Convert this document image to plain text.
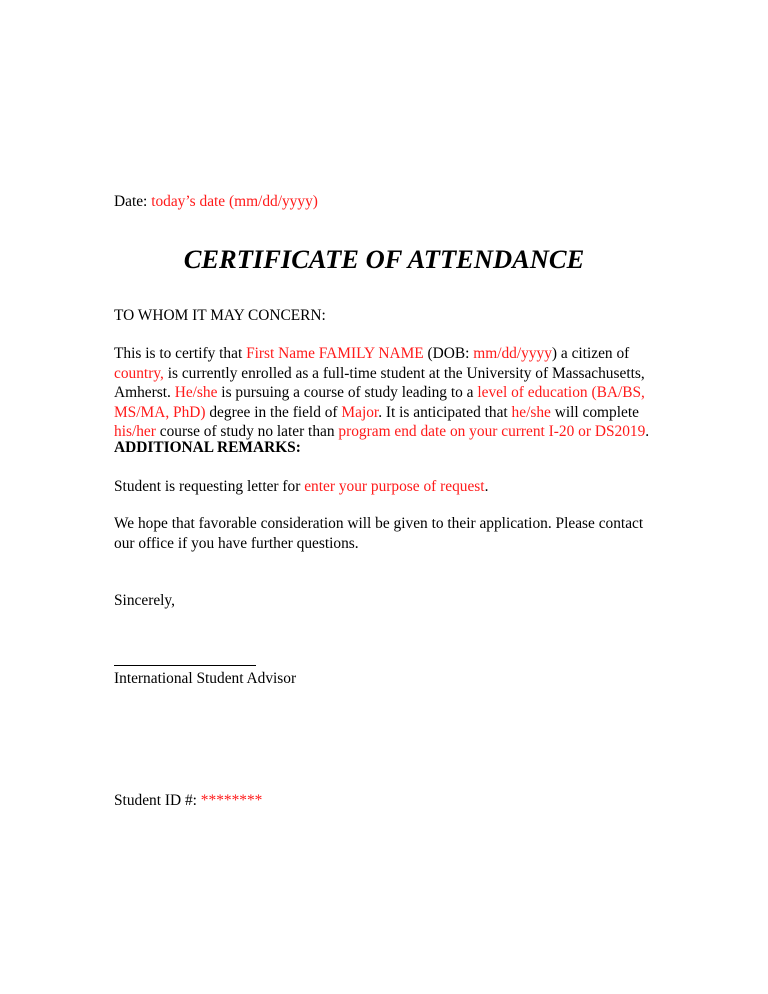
Date: today’s date (mm/dd/yyyy)
CERTIFICATE OF ATTENDANCE
TO WHOM IT MAY CONCERN:
This is to certify that First Name FAMILY NAME (DOB: mm/dd/yyyy) a citizen of country, is currently enrolled as a full-time student at the University of Massachusetts, Amherst. He/she is pursuing a course of study leading to a level of education (BA/BS, MS/MA, PhD) degree in the field of Major. It is anticipated that he/she will complete his/her course of study no later than program end date on your current I-20 or DS2019.
ADDITIONAL REMARKS:
Student is requesting letter for enter your purpose of request.
We hope that favorable consideration will be given to their application. Please contact our office if you have further questions.
Sincerely,
International Student Advisor
Student ID #: ********
